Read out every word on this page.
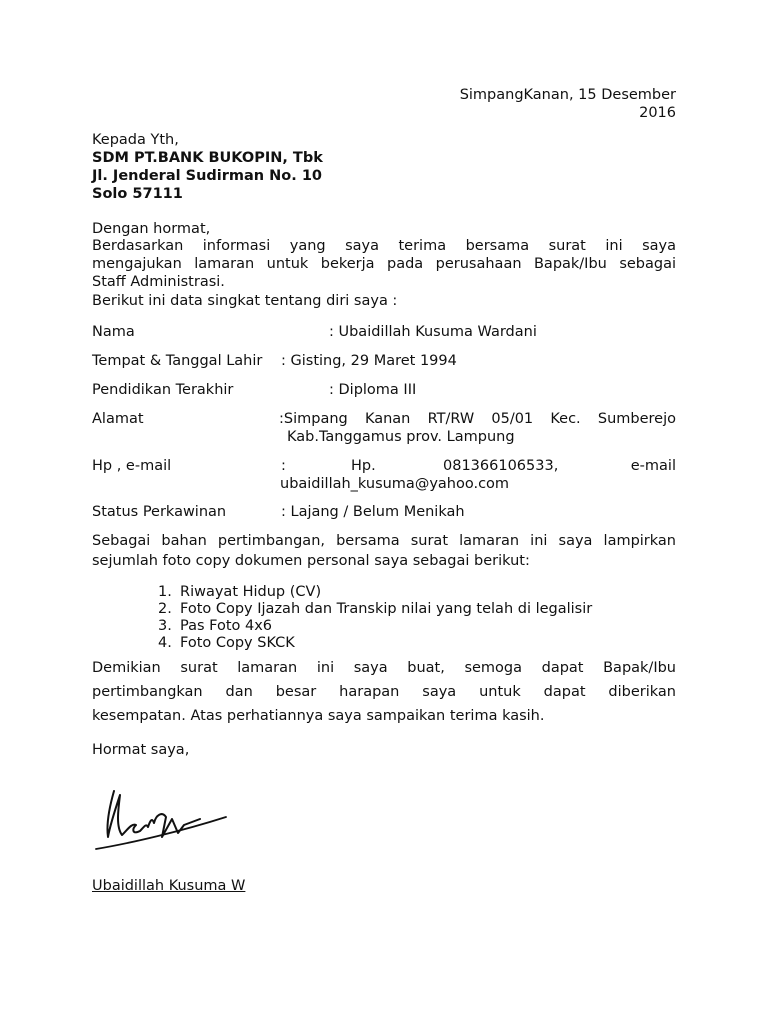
SimpangKanan, 15 Desember
2016
Kepada Yth,
SDM PT.BANK BUKOPIN, Tbk
Jl. Jenderal Sudirman No. 10
Solo 57111
Dengan hormat,
Berdasarkan informasi yang saya terima bersama surat ini saya
mengajukan lamaran untuk bekerja pada perusahaan Bapak/Ibu sebagai
Staff Administrasi.
Berikut ini data singkat tentang diri saya :
Nama	: Ubaidillah Kusuma Wardani
Tempat & Tanggal Lahir : Gisting, 29 Maret 1994
Pendidikan Terakhir	: Diploma III
Alamat	:Simpang Kanan RT/RW 05/01 Kec. Sumberejo
Kab.Tanggamus prov. Lampung
Hp , e-mail	:	Hp.	081366106533,	e-mail
ubaidillah_kusuma@yahoo.com
Status Perkawinan	: Lajang / Belum Menikah
Sebagai bahan pertimbangan, bersama surat lamaran ini saya lampirkan
sejumlah foto copy dokumen personal saya sebagai berikut:
1. Riwayat Hidup (CV)
2. Foto Copy Ijazah dan Transkip nilai yang telah di legalisir
3. Pas Foto 4x6
4. Foto Copy SKCK
Demikian surat lamaran ini saya buat, semoga dapat Bapak/Ibu
pertimbangkan dan besar harapan saya untuk dapat diberikan
kesempatan. Atas perhatiannya saya sampaikan terima kasih.
Hormat saya,
Ubaidillah Kusuma W
